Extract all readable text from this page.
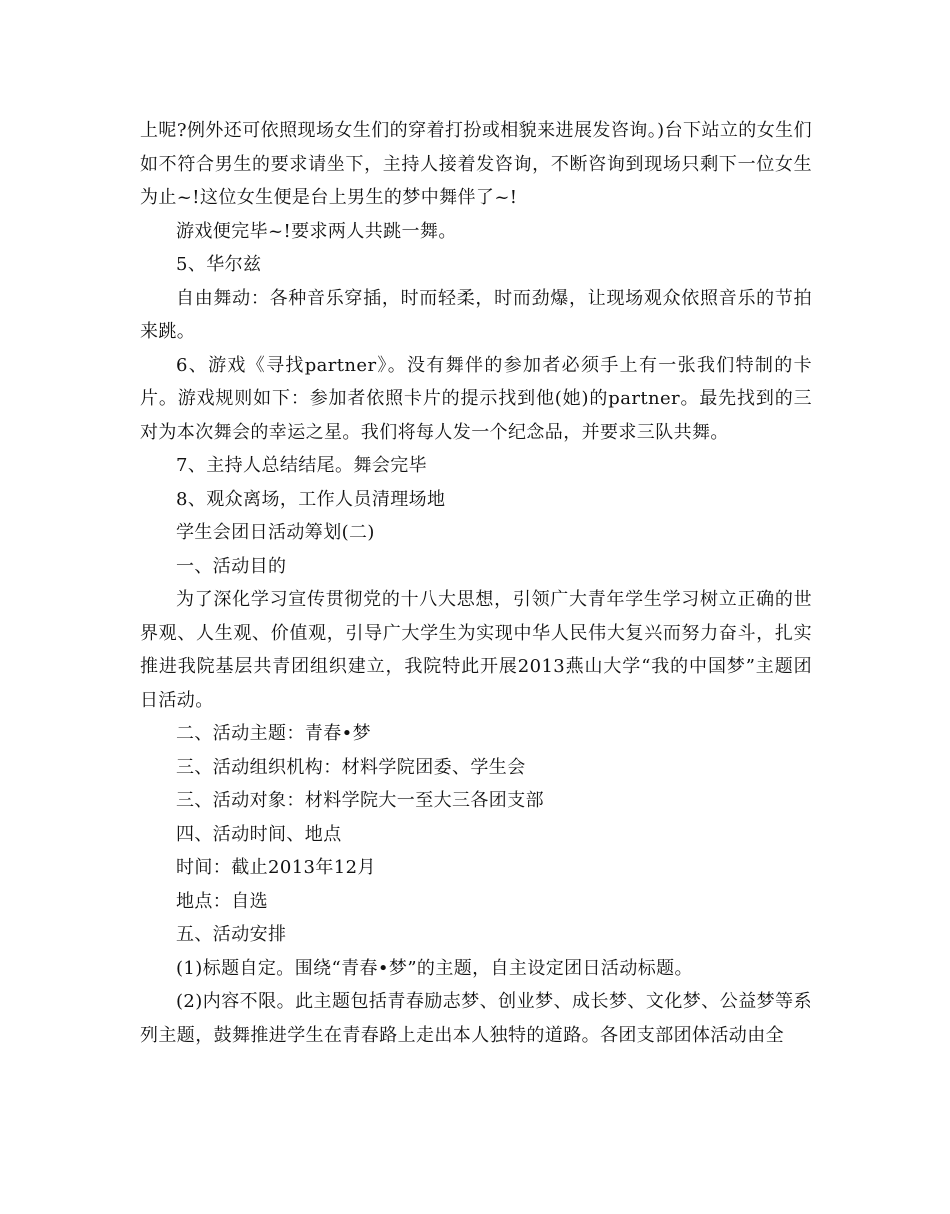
上呢?例外还可依照现场女生们的穿着打扮或相貌来进展发咨询。)台下站立的女生们如不符合男生的要求请坐下，主持人接着发咨询，不断咨询到现场只剩下一位女生为止~!这位女生便是台上男生的梦中舞伴了~!

游戏便完毕~!要求两人共跳一舞。

5、华尔兹

自由舞动：各种音乐穿插，时而轻柔，时而劲爆，让现场观众依照音乐的节拍来跳。

6、游戏《寻找partner》。没有舞伴的参加者必须手上有一张我们特制的卡片。游戏规则如下：参加者依照卡片的提示找到他(她)的partner。最先找到的三对为本次舞会的幸运之星。我们将每人发一个纪念品，并要求三队共舞。

7、主持人总结结尾。舞会完毕

8、观众离场，工作人员清理场地

学生会团日活动筹划(二)

一、活动目的

为了深化学习宣传贯彻党的十八大思想，引领广大青年学生学习树立正确的世界观、人生观、价值观，引导广大学生为实现中华人民伟大复兴而努力奋斗，扎实推进我院基层共青团组织建立，我院特此开展2013燕山大学“我的中国梦”主题团日活动。

二、活动主题：青春•梦

三、活动组织机构：材料学院团委、学生会

三、活动对象：材料学院大一至大三各团支部

四、活动时间、地点

时间：截止2013年12月

地点：自选

五、活动安排

(1)标题自定。围绕“青春•梦”的主题，自主设定团日活动标题。

(2)内容不限。此主题包括青春励志梦、创业梦、成长梦、文化梦、公益梦等系列主题，鼓舞推进学生在青春路上走出本人独特的道路。各团支部团体活动由全
